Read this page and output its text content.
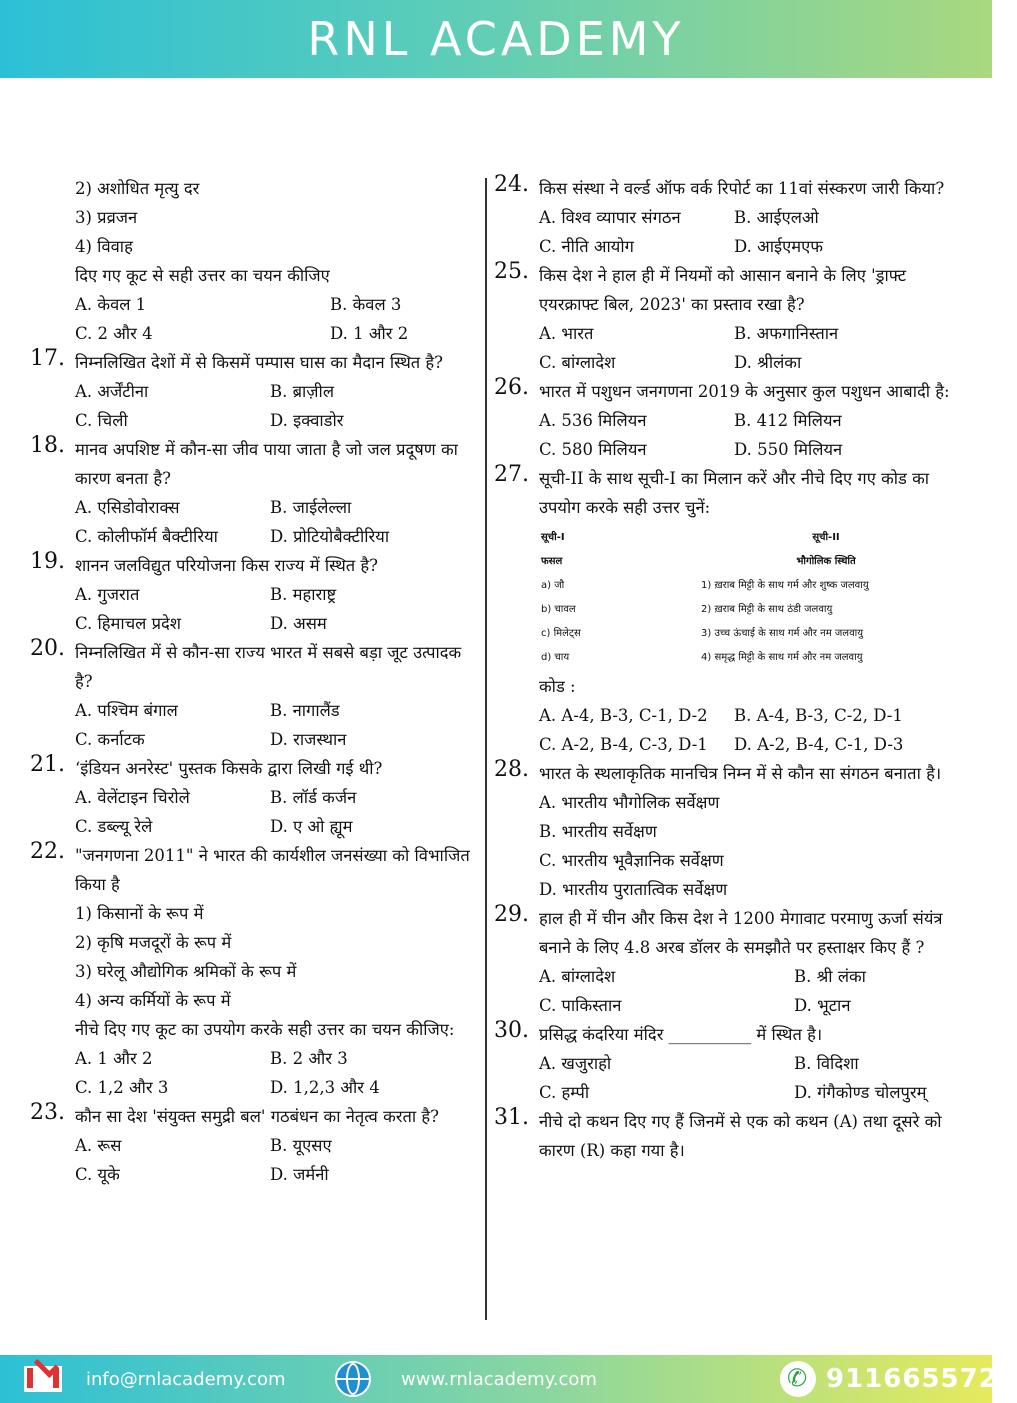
RNL ACADEMY
2) अशोधित मृत्यु दर
3) प्रव्रजन
4) विवाह
दिए गए कूट से सही उत्तर का चयन कीजिए
A. केवल 1	B. केवल 3
C. 2 और 4	D. 1 और 2
17. निम्नलिखित देशों में से किसमें पम्पास घास का मैदान स्थित है?
A. अर्जेंटीना	B. ब्राज़ील
C. चिली	D. इक्वाडोर
18. मानव अपशिष्ट में कौन-सा जीव पाया जाता है जो जल प्रदूषण का कारण बनता है?
A. एसिडोवोराक्स	B. जाईलेल्ला
C. कोलीफॉर्म बैक्टीरिया	D. प्रोटियोबैक्टीरिया
19. शानन जलविद्युत परियोजना किस राज्य में स्थित है?
A. गुजरात	B. महाराष्ट्र
C. हिमाचल प्रदेश	D. असम
20. निम्नलिखित में से कौन-सा राज्य भारत में सबसे बड़ा जूट उत्पादक है?
A. पश्चिम बंगाल	B. नागालैंड
C. कर्नाटक	D. राजस्थान
21. ‘इंडियन अनरेस्ट' पुस्तक किसके द्वारा लिखी गई थी?
A. वेलेंटाइन चिरोले	B. लॉर्ड कर्जन
C. डब्ल्यू रेले	D. ए ओ ह्यूम
22. "जनगणना 2011" ने भारत की कार्यशील जनसंख्या को विभाजित किया है
1) किसानों के रूप में
2) कृषि मजदूरों के रूप में
3) घरेलू औद्योगिक श्रमिकों के रूप में
4) अन्य कर्मियों के रूप में
नीचे दिए गए कूट का उपयोग करके सही उत्तर का चयन कीजिए:
A. 1 और 2	B. 2 और 3
C. 1,2 और 3	D. 1,2,3 और 4
23. कौन सा देश 'संयुक्त समुद्री बल' गठबंधन का नेतृत्व करता है?
A. रूस	B. यूएसए
C. यूके	D. जर्मनी
24. किस संस्था ने वर्ल्ड ऑफ वर्क रिपोर्ट का 11वां संस्करण जारी किया?
A. विश्व व्यापार संगठन	B. आईएलओ
C. नीति आयोग	D. आईएमएफ
25. किस देश ने हाल ही में नियमों को आसान बनाने के लिए 'ड्राफ्ट एयरक्राफ्ट बिल, 2023' का प्रस्ताव रखा है?
A. भारत	B. अफगानिस्तान
C. बांग्लादेश	D. श्रीलंका
26. भारत में पशुधन जनगणना 2019 के अनुसार कुल पशुधन आबादी है:
A. 536 मिलियन	B. 412 मिलियन
C. 580 मिलियन	D. 550 मिलियन
27. सूची-II के साथ सूची-I का मिलान करें और नीचे दिए गए कोड का उपयोग करके सही उत्तर चुनें:
सूची-I	सूची-II
फसल	भौगोलिक स्थिति
a) जौ	1) ख़राब मिट्टी के साथ गर्म और शुष्क जलवायु
b) चावल	2) ख़राब मिट्टी के साथ ठंडी जलवायु
c) मिलेट्स	3) उच्च ऊंचाई के साथ गर्म और नम जलवायु
d) चाय	4) समृद्ध मिट्टी के साथ गर्म और नम जलवायु
कोड :
A. A-4, B-3, C-1, D-2	B. A-4, B-3, C-2, D-1
C. A-2, B-4, C-3, D-1	D. A-2, B-4, C-1, D-3
28. भारत के स्थलाकृतिक मानचित्र निम्न में से कौन सा संगठन बनाता है।
A. भारतीय भौगोलिक सर्वेक्षण
B. भारतीय सर्वेक्षण
C. भारतीय भूवैज्ञानिक सर्वेक्षण
D. भारतीय पुरातात्विक सर्वेक्षण
29. हाल ही में चीन और किस देश ने 1200 मेगावाट परमाणु ऊर्जा संयंत्र बनाने के लिए 4.8 अरब डॉलर के समझौते पर हस्ताक्षर किए हैं ?
A. बांग्लादेश	B. श्री लंका
C. पाकिस्तान	D. भूटान
30. प्रसिद्ध कंदरिया मंदिर __________ में स्थित है।
A. खजुराहो	B. विदिशा
C. हम्पी	D. गंगैकोण्ड चोलपुरम्
31. नीचे दो कथन दिए गए हैं जिनमें से एक को कथन (A) तथा दूसरे को कारण (R) कहा गया है।
info@rnlacademy.com	www.rnlacademy.com ✆	9116655723
